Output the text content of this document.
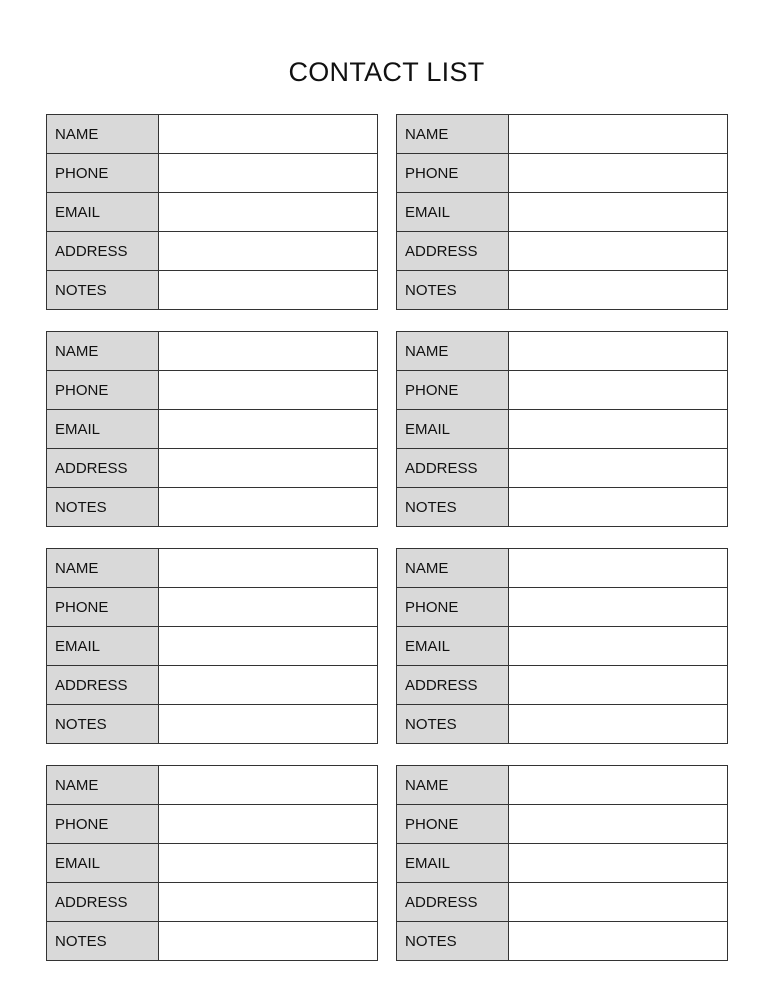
CONTACT LIST
NAME
PHONE
EMAIL
ADDRESS
NOTES
NAME
PHONE
EMAIL
ADDRESS
NOTES
NAME
PHONE
EMAIL
ADDRESS
NOTES
NAME
PHONE
EMAIL
ADDRESS
NOTES
NAME
PHONE
EMAIL
ADDRESS
NOTES
NAME
PHONE
EMAIL
ADDRESS
NOTES
NAME
PHONE
EMAIL
ADDRESS
NOTES
NAME
PHONE
EMAIL
ADDRESS
NOTES
